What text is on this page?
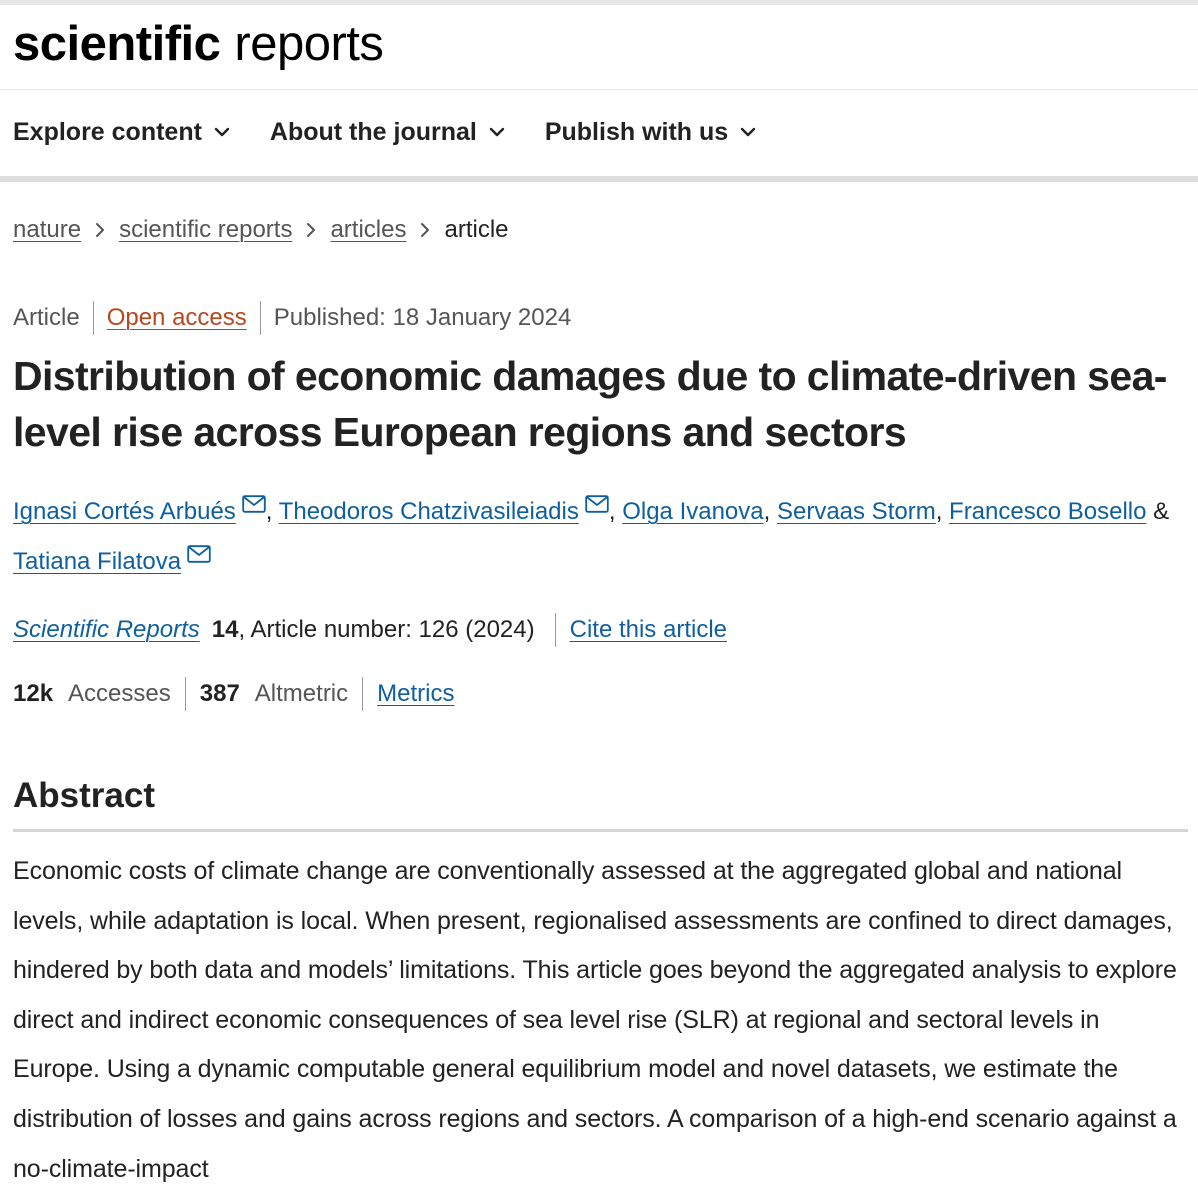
scientific reports
Explore content	About the journal	Publish with us
nature scientific reports articles article
Article Open access Published: 18 January 2024
Distribution of economic damages due to climate-driven sea-level rise across European regions and sectors
Ignasi Cortés Arbués , Theodoros Chatzivasileiadis , Olga Ivanova, Servaas Storm, Francesco Bosello & Tatiana Filatova
Scientific Reports 14 , Article number: 126 (2024) Cite this article
12k Accesses 387 Altmetric Metrics
Abstract

Economic costs of climate change are conventionally assessed at the aggregated global and national levels, while adaptation is local. When present, regionalised assessments are confined to direct damages, hindered by both data and models’ limitations. This article goes beyond the aggregated analysis to explore direct and indirect economic consequences of sea level rise (SLR) at regional and sectoral levels in Europe. Using a dynamic computable general equilibrium model and novel datasets, we estimate the distribution of losses and gains across regions and sectors. A comparison of a high-end scenario against a no-climate-impact
